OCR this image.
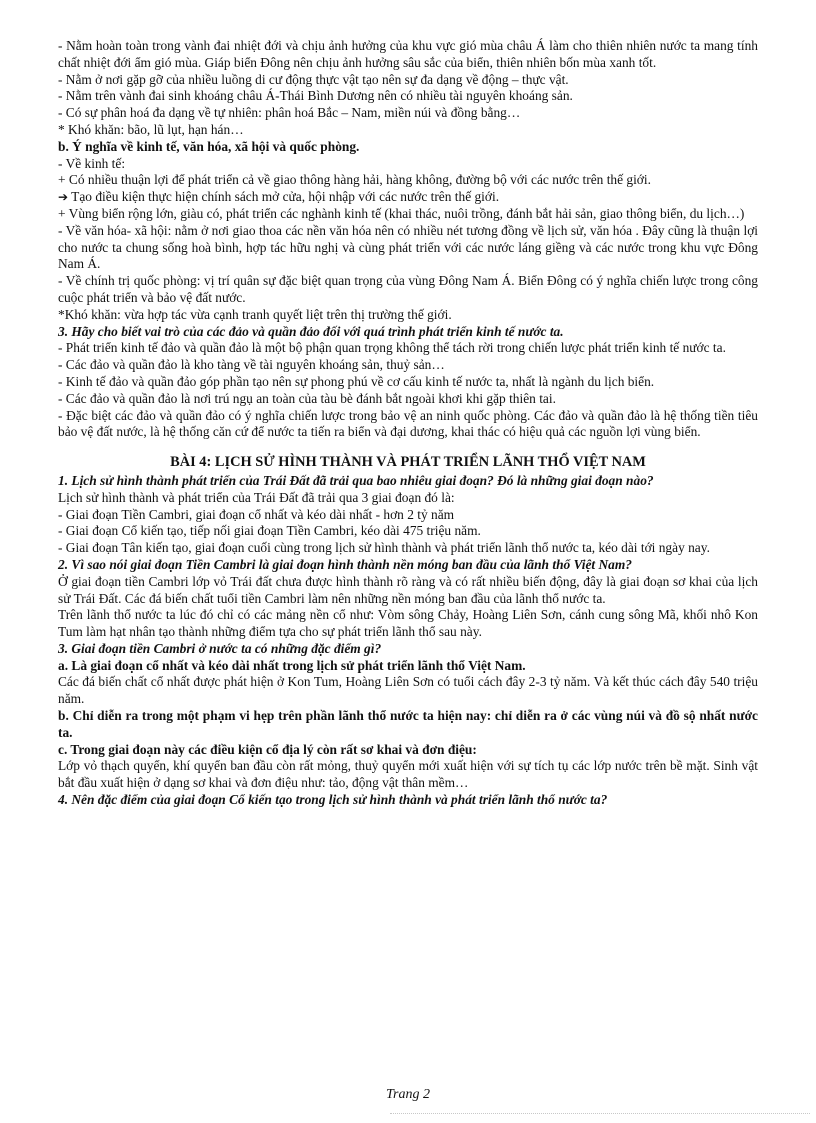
- Nằm hoàn toàn trong vành đai nhiệt đới và chịu ảnh hưởng của khu vực gió mùa châu Á làm cho thiên nhiên nước ta mang tính chất nhiệt đới ẩm gió mùa. Giáp biển Đông nên chịu ảnh hưởng sâu sắc của biển, thiên nhiên bốn mùa xanh tốt.

- Nằm ở nơi gặp gỡ của nhiều luồng di cư động thực vật tạo nên sự đa dạng về động – thực vật.

- Nằm trên vành đai sinh khoáng châu Á-Thái Bình Dương nên có nhiều tài nguyên khoáng sản.

- Có sự phân hoá đa dạng về tự nhiên: phân hoá Bắc – Nam, miền núi và đồng bằng…

* Khó khăn: bão, lũ lụt, hạn hán…

b. Ý nghĩa về kinh tế, văn hóa, xã hội và quốc phòng.

- Về kinh tế:

+ Có nhiều thuận lợi để phát triển cả về giao thông hàng hải, hàng không, đường bộ với các nước trên thế giới.

➔ Tạo điều kiện thực hiện chính sách mở cửa, hội nhập với các nước trên thế giới.

+ Vùng biển rộng lớn, giàu có, phát triển các nghành kinh tế (khai thác, nuôi trồng, đánh bắt hải sản, giao thông biển, du lịch…)

- Về văn hóa- xã hội: nằm ở nơi giao thoa các nền văn hóa nên có nhiều nét tương đồng về lịch sử, văn hóa . Đây cũng là thuận lợi cho nước ta chung sống hoà bình, hợp tác hữu nghị và cùng phát triển với các nước láng giềng và các nước trong khu vực Đông Nam Á.

- Về chính trị quốc phòng: vị trí quân sự đặc biệt quan trọng của vùng Đông Nam Á. Biển Đông có ý nghĩa chiến lược trong công cuộc phát triển và bảo vệ đất nước.

*Khó khăn: vừa hợp tác vừa cạnh tranh quyết liệt trên thị trường thế giới.

3. Hãy cho biết vai trò của các đảo và quần đảo đối với quá trình phát triển kinh tế nước ta.

- Phát triển kinh tế đảo và quần đảo là một bộ phận quan trọng không thể tách rời trong chiến lược phát triển kinh tế nước ta.

- Các đảo và quần đảo là kho tàng về tài nguyên khoáng sản, thuỷ sản…

- Kinh tế đảo và quần đảo góp phần tạo nên sự phong phú về cơ cấu kinh tế nước ta, nhất là ngành du lịch biển.

- Các đảo và quần đảo là nơi trú ngụ an toàn của tàu bè đánh bắt ngoài khơi khi gặp thiên tai.

- Đặc biệt các đảo và quần đảo có ý nghĩa chiến lược trong bảo vệ an ninh quốc phòng. Các đảo và quần đảo là hệ thống tiền tiêu bảo vệ đất nước, là hệ thống căn cứ để nước ta tiến ra biển và đại dương, khai thác có hiệu quả các nguồn lợi vùng biển.

BÀI 4: LỊCH SỬ HÌNH THÀNH VÀ PHÁT TRIỂN LÃNH THỔ VIỆT NAM

1. Lịch sử hình thành phát triển của Trái Đất đã trải qua bao nhiêu giai đoạn? Đó là những giai đoạn nào?

Lịch sử hình thành và phát triển của Trái Đất đã trải qua 3 giai đoạn đó là:

- Giai đoạn Tiền Cambri, giai đoạn cổ nhất và kéo dài nhất - hơn 2 tỷ năm

- Giai đoạn Cổ kiến tạo, tiếp nối giai đoạn Tiền Cambri, kéo dài 475 triệu năm.

- Giai đoạn Tân kiến tạo, giai đoạn cuối cùng trong lịch sử hình thành và phát triển lãnh thổ nước ta, kéo dài tới ngày nay.

2. Vì sao nói giai đoạn Tiền Cambri là giai đoạn hình thành nền móng ban đầu của lãnh thổ Việt Nam?

Ở giai đoạn tiền Cambri lớp vỏ Trái đất chưa được hình thành rõ ràng và có rất nhiều biến động, đây là giai đoạn sơ khai của lịch sử Trái Đất. Các đá biến chất tuổi tiền Cambri làm nên những nền móng ban đầu của lãnh thổ nước ta.

Trên lãnh thổ nước ta lúc đó chỉ có các mảng nền cổ như: Vòm sông Chảy, Hoàng Liên Sơn, cánh cung sông Mã, khối nhô Kon Tum làm hạt nhân tạo thành những điểm tựa cho sự phát triển lãnh thổ sau này.

3. Giai đoạn tiền Cambri ở nước ta có những đặc điểm gì?

a. Là giai đoạn cổ nhất và kéo dài nhất trong lịch sử phát triển lãnh thổ Việt Nam.

Các đá biến chất cổ nhất được phát hiện ở Kon Tum, Hoàng Liên Sơn có tuổi cách đây 2-3 tỷ năm. Và kết thúc cách đây 540 triệu năm.

b. Chỉ diễn ra trong một phạm vi hẹp trên phần lãnh thổ nước ta hiện nay: chỉ diễn ra ở các vùng núi và đồ sộ nhất nước ta.

c. Trong giai đoạn này các điều kiện cổ địa lý còn rất sơ khai và đơn điệu:

Lớp vỏ thạch quyển, khí quyển ban đầu còn rất mỏng, thuỷ quyển mới xuất hiện với sự tích tụ các lớp nước trên bề mặt. Sinh vật bắt đầu xuất hiện ở dạng sơ khai và đơn điệu như: tảo, động vật thân mềm…

4. Nên đặc điểm của giai đoạn Cổ kiến tạo trong lịch sử hình thành và phát triển lãnh thổ nước ta?

Trang 2
